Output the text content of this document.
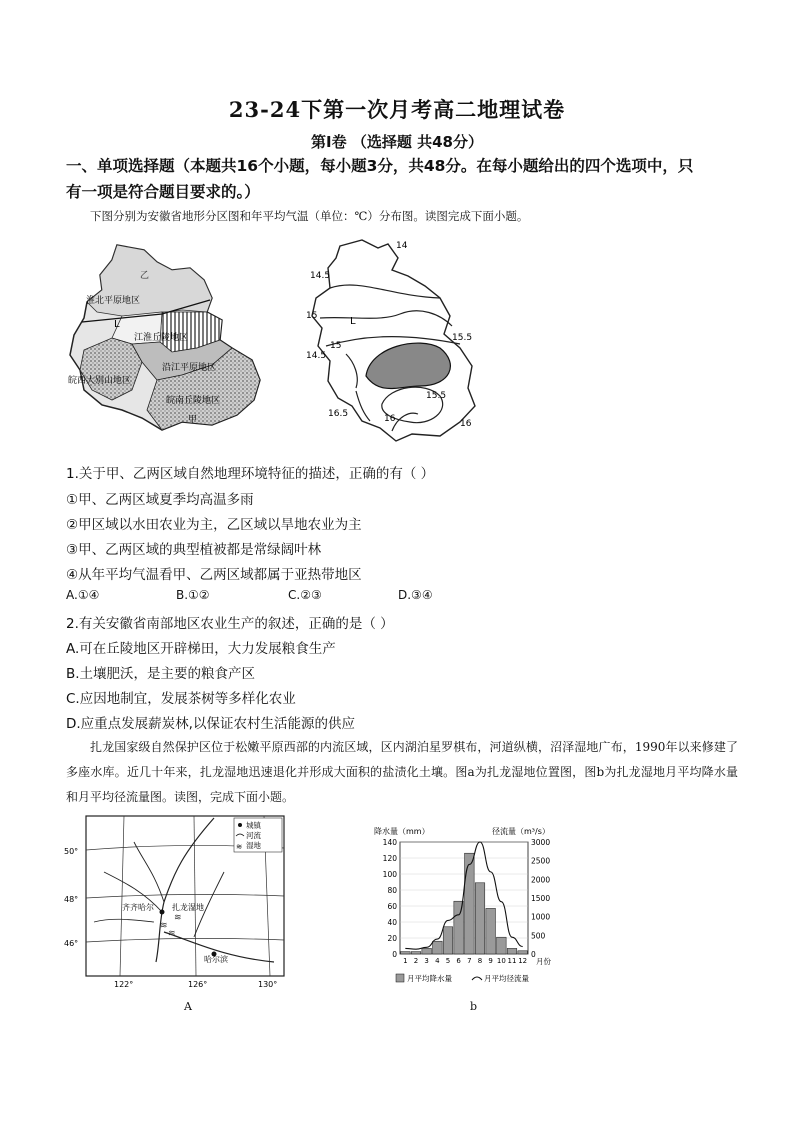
23-24下第一次月考高二地理试卷
第Ⅰ卷 （选择题 共48分）
一、单项选择题（本题共16个小题，每小题3分，共48分。在每小题给出的四个选项中，只
有一项是符合题目要求的。）
下图分别为安徽省地形分区图和年平均气温（单位：℃）分布图。读图完成下面小题。
淮北平原地区
L
江淮丘陵地区
沿江平原地区
皖西大别山地区
皖南丘陵地区
甲
乙
14
14.5
15
15.5
14.5
15
15.5
16.5	16	16
L
1.关于甲、乙两区域自然地理环境特征的描述，正确的有（ ）
①甲、乙两区域夏季均高温多雨
②甲区域以水田农业为主，乙区域以旱地农业为主
③甲、乙两区域的典型植被都是常绿阔叶林
④从年平均气温看甲、乙两区域都属于亚热带地区
A.①④	B.①②	C.②③	D.③④
2.有关安徽省南部地区农业生产的叙述，正确的是（ ）
A.可在丘陵地区开辟梯田，大力发展粮食生产
B.土壤肥沃，是主要的粮食产区
C.应因地制宜，发展茶树等多样化农业
D.应重点发展薪炭林,以保证农村生活能源的供应
扎龙国家级自然保护区位于松嫩平原西部的内流区域，区内湖泊星罗棋布，河道纵横，沼泽湿地广布，1990年以来修建了多座水库。近几十年来，扎龙湿地迅速退化并形成大面积的盐渍化土壤。图a为扎龙湿地位置图，图b为扎龙湿地月平均降水量和月平均径流量图。读图，完成下面小题。
≋
≋
≋
城镇
河流
≋ 湿地
50°
48°
46°
122°	126°	130°
齐齐哈尔 扎龙湿地
哈尔滨
A
降水量（mm）	径流量（m³/s）
0
20
40
60
80
100
120
140
0
500
1000
1500
2000
2500
3000
1 2 3 4 5 6 7 8 9 10 11 12 月份
月平均降水量	月平均径流量
b
